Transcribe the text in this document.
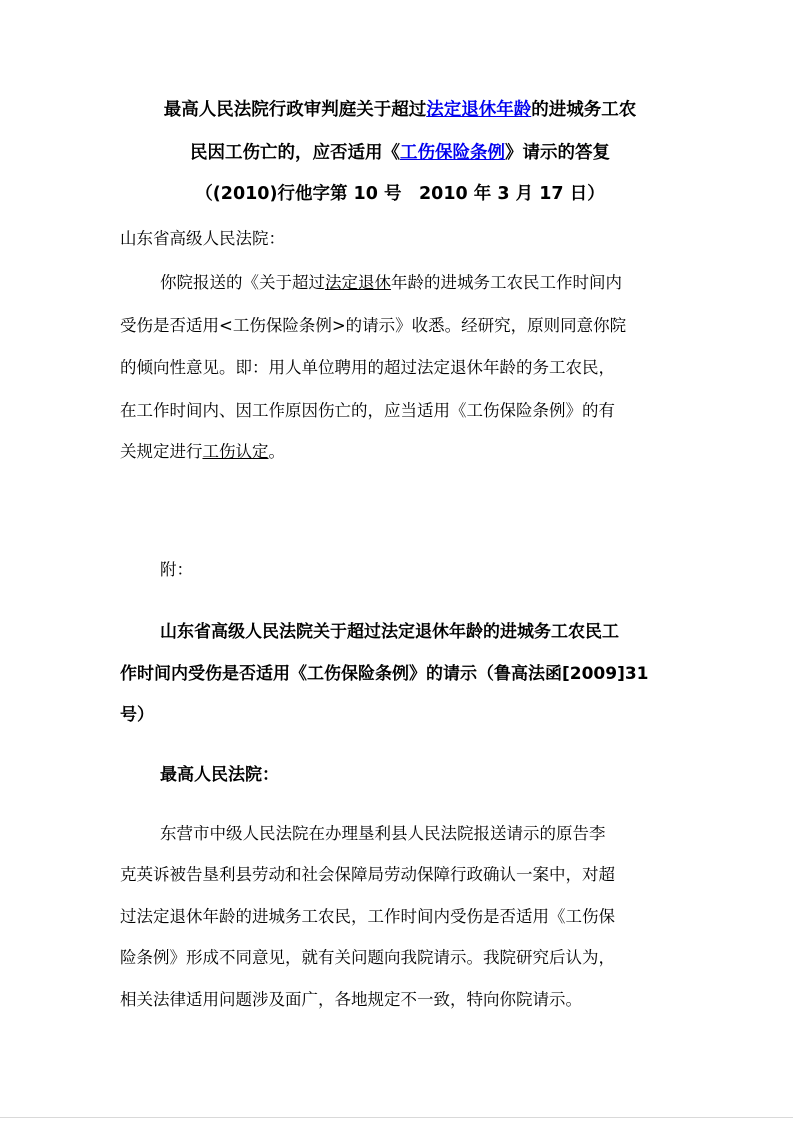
最高人民法院行政审判庭关于超过法定退休年龄的进城务工农
民因工伤亡的，应否适用《工伤保险条例》请示的答复
（(2010)行他字第 10 号　2010 年 3 月 17 日）
山东省高级人民法院：
你院报送的《关于超过法定退休年龄的进城务工农民工作时间内
受伤是否适用<工伤保险条例>的请示》收悉。经研究，原则同意你院
的倾向性意见。即：用人单位聘用的超过法定退休年龄的务工农民，
在工作时间内、因工作原因伤亡的，应当适用《工伤保险条例》的有
关规定进行工伤认定。
附：
山东省高级人民法院关于超过法定退休年龄的进城务工农民工
作时间内受伤是否适用《工伤保险条例》的请示（鲁高法函[2009]31
号）
最高人民法院：
东营市中级人民法院在办理垦利县人民法院报送请示的原告李
克英诉被告垦利县劳动和社会保障局劳动保障行政确认一案中，对超
过法定退休年龄的进城务工农民，工作时间内受伤是否适用《工伤保
险条例》形成不同意见，就有关问题向我院请示。我院研究后认为，
相关法律适用问题涉及面广，各地规定不一致，特向你院请示。
